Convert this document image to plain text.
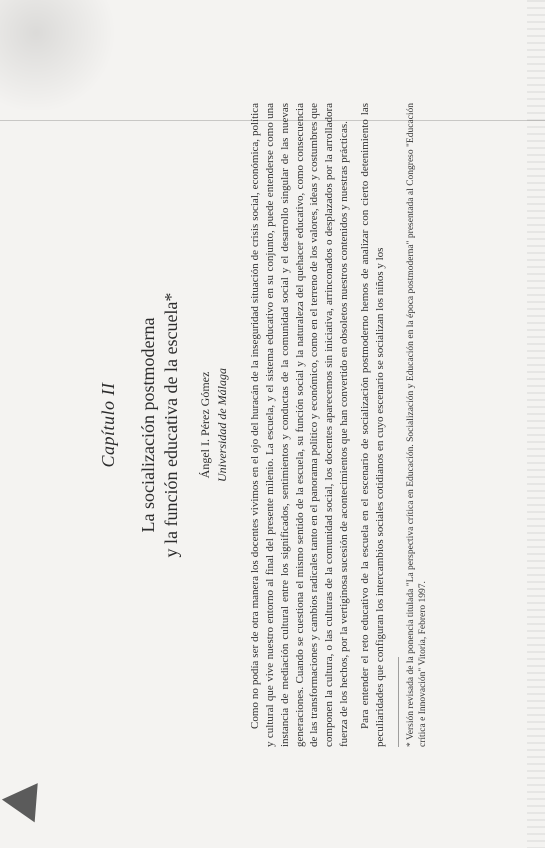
Capítulo II La socialización postmoderna y la función educativa de la escuela* Ángel I. Pérez Gómez Universidad de Málaga Como no podía ser de otra manera los docentes vivimos en el ojo del huracán de la inseguridad situación de crisis social, económica, política y cultural que vive nuestro entorno al final del presente milenio. La escuela, y el sistema educativo en su conjunto, puede entenderse como una instancia de mediación cultural entre los significados, sentimientos y conductas de la comunidad social y el desarrollo singular de las nuevas generaciones. Cuando se cuestiona el mismo sentido de la escuela, su función social y la naturaleza del quehacer educativo, como consecuencia de las transformaciones y cambios radicales tanto en el panorama político y económico, como en el terreno de los valores, ideas y costumbres que componen la cultura, o las culturas de la comunidad social, los docentes aparecemos sin iniciativa, arrinconados o desplazados por la arrolladora fuerza de los hechos, por la vertiginosa sucesión de acontecimientos que han convertido en obsoletos nuestros contenidos y nuestras prácticas. Para entender el reto educativo de la escuela en el escenario de socialización postmoderno hemos de analizar con cierto detenimiento las peculiaridades que configuran los intercambios sociales cotidianos en cuyo escenario se socializan los niños y los * Versión revisada de la ponencia titulada "La perspectiva crítica en Educación. Socialización y Educación en la época postmoderna" presentada al Congreso "Educación crítica e Innovación" Vitoria, Febrero 1997.
